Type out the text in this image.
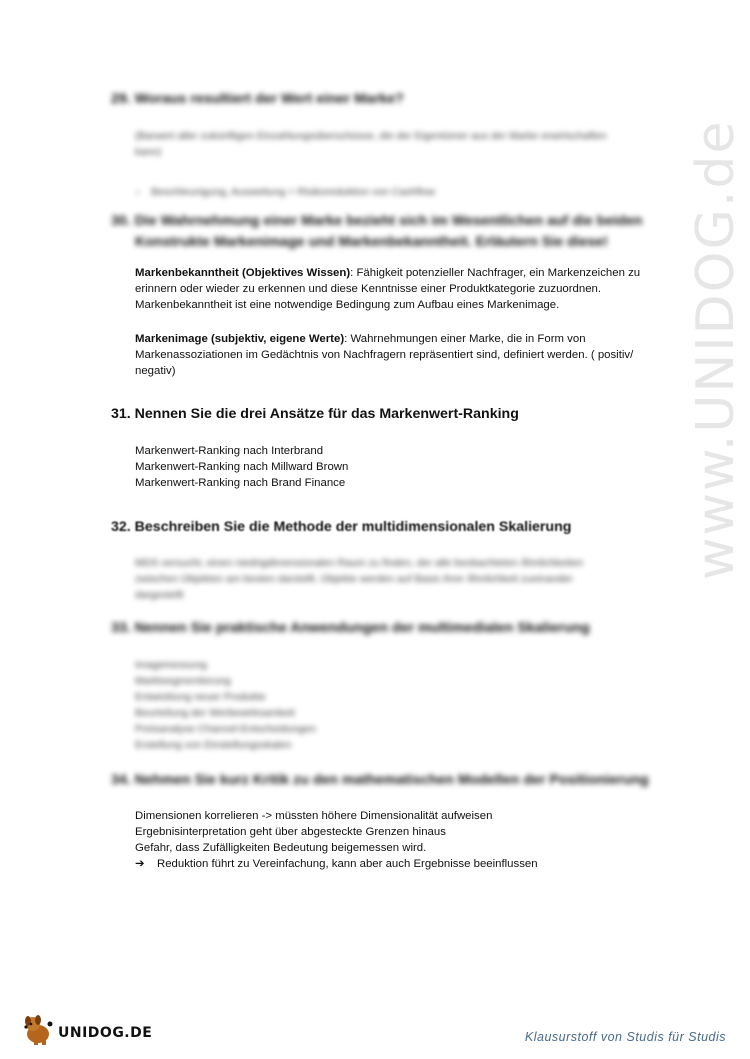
29. Woraus resultiert der Wert einer Marke?
(Barwert aller zukünftigen Einzahlungsüberschüsse, die der Eigentümer aus der Marke erwirtschaften
kann)
›    Beschleunigung, Ausweitung + Risikoreduktion von Cashflow
30. Die Wahrnehmung einer Marke bezieht sich im Wesentlichen auf die beiden
Konstrukte Markenimage und Markenbekanntheit. Erläutern Sie diese!
Markenbekanntheit (Objektives Wissen): Fähigkeit potenzieller Nachfrager, ein Markenzeichen zu
erinnern oder wieder zu erkennen und diese Kenntnisse einer Produktkategorie zuzuordnen.
Markenbekanntheit ist eine notwendige Bedingung zum Aufbau eines Markenimage.
Markenimage (subjektiv, eigene Werte): Wahrnehmungen einer Marke, die in Form von
Markenassoziationen im Gedächtnis von Nachfragern repräsentiert sind, definiert werden. ( positiv/
negativ)
31. Nennen Sie die drei Ansätze für das Markenwert-Ranking
Markenwert-Ranking nach Interbrand
Markenwert-Ranking nach Millward Brown
Markenwert-Ranking nach Brand Finance
32. Beschreiben Sie die Methode der multidimensionalen Skalierung
MDS versucht, einen niedrigdimensionalen Raum zu finden, der alle beobachteten Ähnlichkeiten
zwischen Objekten am besten darstellt. Objekte werden auf Basis ihrer Ähnlichkeit zueinander
dargestellt
33. Nennen Sie praktische Anwendungen der multimedialen Skalierung
Imagemessung
Marktsegmentierung
Entwicklung neuer Produkte
Beurteilung der Werbewirksamkeit
Preisanalyse Channel-Entscheidungen
Erstellung von Einstellungsskalen
34. Nehmen Sie kurz Kritik zu den mathematischen Modellen der Positionierung
Dimensionen korrelieren -> müssten höhere Dimensionalität aufweisen
Ergebnisinterpretation geht über abgesteckte Grenzen hinaus
Gefahr, dass Zufälligkeiten Bedeutung beigemessen wird.
➔ Reduktion führt zu Vereinfachung, kann aber auch Ergebnisse beeinflussen
www.UNIDOG.de
UNIDOG.DE	Klausurstoff von Studis für Studis
